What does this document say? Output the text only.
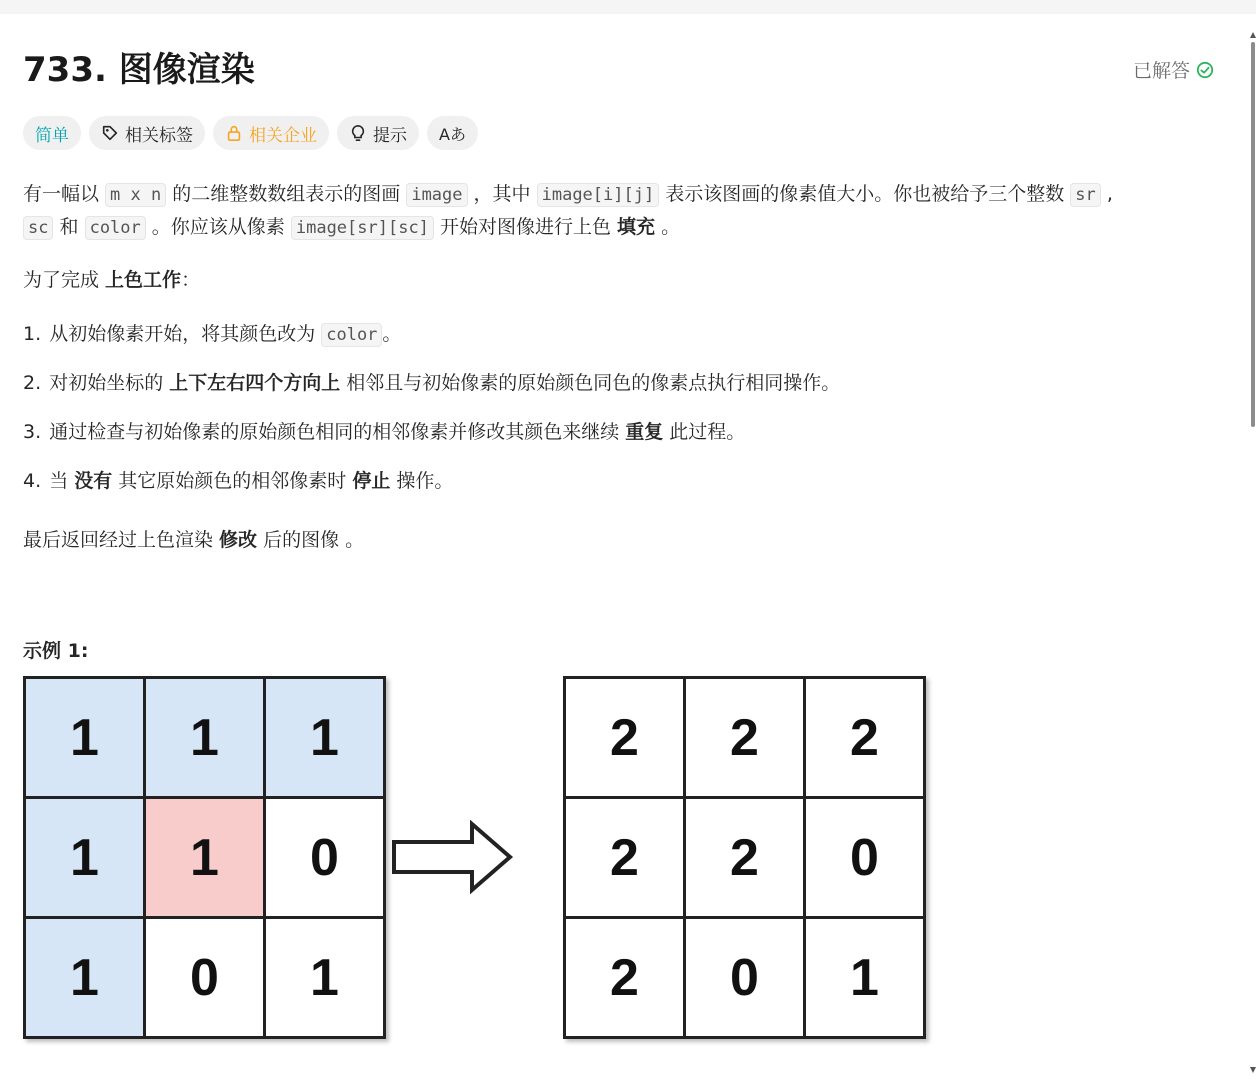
733. 图像渲染	已解答
简单	相关标签	相关企业	提示 Aあ
有一幅以 m x n 的二维整数数组表示的图画 image ，其中 image[i][j] 表示该图画的像素值大小。你也被给予三个整数 sr ,
sc 和 color 。你应该从像素 image[sr][sc] 开始对图像进行上色 填充 。
为了完成 上色工作：
1. 从初始像素开始，将其颜色改为 color 。
2. 对初始坐标的 上下左右四个方向上 相邻且与初始像素的原始颜色同色的像素点执行相同操作。
3. 通过检查与初始像素的原始颜色相同的相邻像素并修改其颜色来继续 重复 此过程。
4. 当 没有 其它原始颜色的相邻像素时 停止 操作。
最后返回经过上色渲染 修改 后的图像 。
示例 1:
1	1	1
1	1	0
1	0	1
2	2	2
2	2	0
2	0	1
